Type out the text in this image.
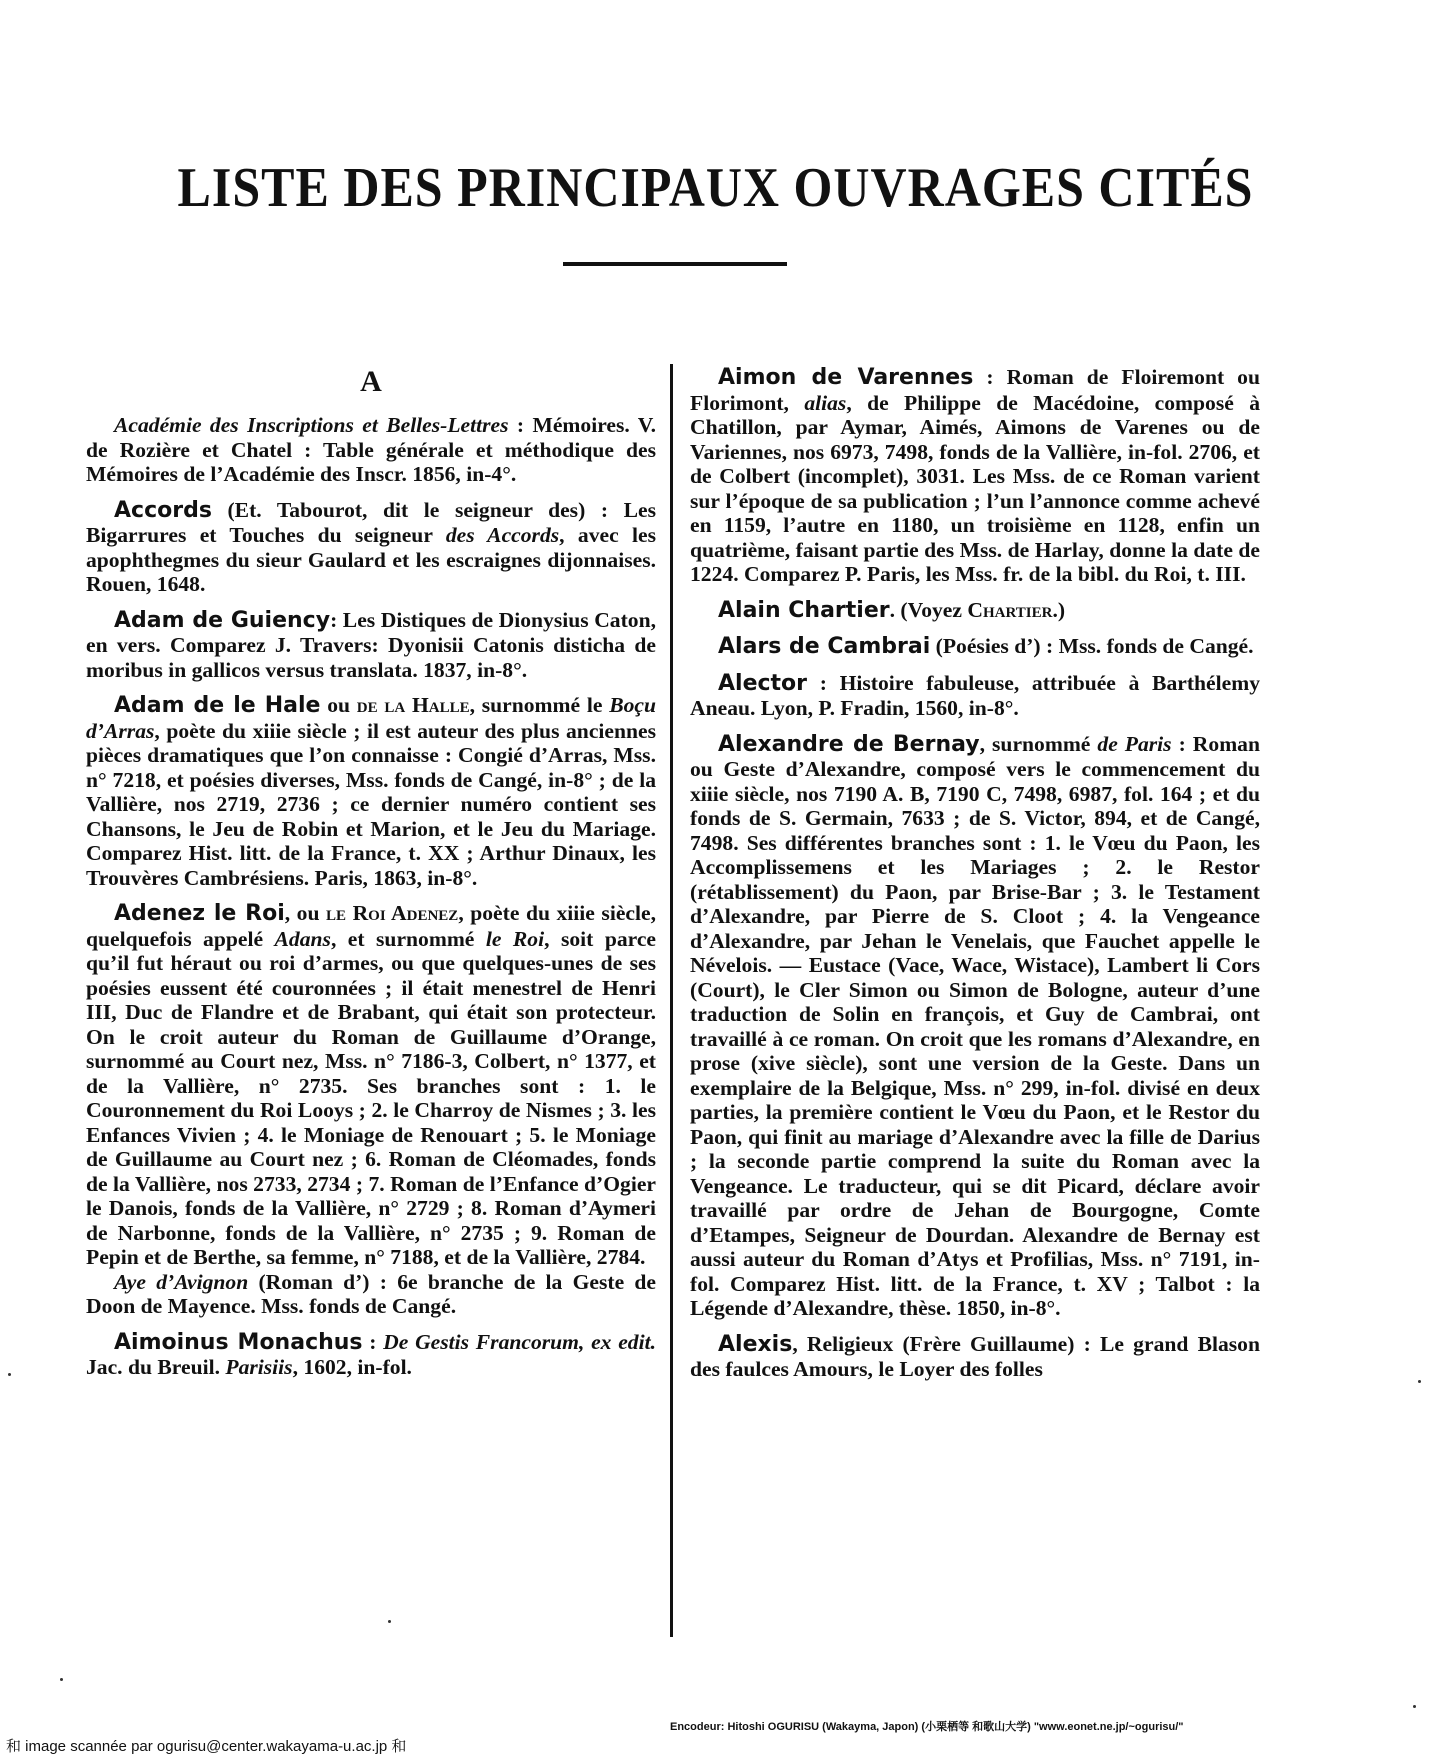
LISTE DES PRINCIPAUX OUVRAGES CITÉS
A
Académie des Inscriptions et Belles-Lettres : Mémoires. V. de Rozière et Chatel : Table générale et méthodique des Mémoires de l’Académie des Inscr. 1856, in-4°.
Accords (Et. Tabourot, dit le seigneur des) : Les Bigarrures et Touches du seigneur des Accords, avec les apophthegmes du sieur Gaulard et les escraignes dijonnaises. Rouen, 1648.
Adam de Guiency: Les Distiques de Dionysius Caton, en vers. Comparez J. Travers: Dyonisii Catonis disticha de moribus in gallicos versus translata. 1837, in-8°.
Adam de le Hale ou de la Halle, surnommé le Boçu d’Arras, poète du xiiie siècle ; il est auteur des plus anciennes pièces dramatiques que l’on connaisse : Congié d’Arras, Mss. n° 7218, et poésies diverses, Mss. fonds de Cangé, in-8° ; de la Vallière, nos 2719, 2736 ; ce dernier numéro contient ses Chansons, le Jeu de Robin et Marion, et le Jeu du Mariage. Comparez Hist. litt. de la France, t. XX ; Arthur Dinaux, les Trouvères Cambrésiens. Paris, 1863, in-8°.

Adenez le Roi, ou le Roi Adenez, poète du xiiie siècle, quelquefois appelé Adans, et surnommé le Roi, soit parce qu’il fut héraut ou roi d’armes, ou que quelques-unes de ses poésies eussent été couronnées ; il était menestrel de Henri III, Duc de Flandre et de Brabant, qui était son protecteur. On le croit auteur du Roman de Guillaume d’Orange, surnommé au Court nez, Mss. n° 7186-3, Colbert, n° 1377, et de la Vallière, n° 2735. Ses branches sont : 1. le Couronnement du Roi Looys ; 2. le Charroy de Nismes ; 3. les Enfances Vivien ; 4. le Moniage de Renouart ; 5. le Moniage de Guillaume au Court nez ; 6. Roman de Cléomades, fonds de la Vallière, nos 2733, 2734 ; 7. Roman de l’Enfance d’Ogier le Danois, fonds de la Vallière, n° 2729 ; 8. Roman d’Aymeri de Narbonne, fonds de la Vallière, n° 2735 ; 9. Roman de Pepin et de Berthe, sa femme, n° 7188, et de la Vallière, 2784.

Aye d’Avignon (Roman d’) : 6e branche de la Geste de Doon de Mayence. Mss. fonds de Cangé.

Aimoinus Monachus : De Gestis Francorum, ex edit. Jac. du Breuil. Parisiis, 1602, in-fol.
Aimon de Varennes : Roman de Floiremont ou Florimont, alias, de Philippe de Macédoine, composé à Chatillon, par Aymar, Aimés, Aimons de Varenes ou de Variennes, nos 6973, 7498, fonds de la Vallière, in-fol. 2706, et de Colbert (incomplet), 3031. Les Mss. de ce Roman varient sur l’époque de sa publication ; l’un l’annonce comme achevé en 1159, l’autre en 1180, un troisième en 1128, enfin un quatrième, faisant partie des Mss. de Harlay, donne la date de 1224. Comparez P. Paris, les Mss. fr. de la bibl. du Roi, t. III.
Alain Chartier. (Voyez Chartier.)
Alars de Cambrai (Poésies d’) : Mss. fonds de Cangé.
Alector : Histoire fabuleuse, attribuée à Barthélemy Aneau. Lyon, P. Fradin, 1560, in-8°.
Alexandre de Bernay, surnommé de Paris : Roman ou Geste d’Alexandre, composé vers le commencement du xiiie siècle, nos 7190 A. B, 7190 C, 7498, 6987, fol. 164 ; et du fonds de S. Germain, 7633 ; de S. Victor, 894, et de Cangé, 7498. Ses différentes branches sont : 1. le Vœu du Paon, les Accomplissemens et les Mariages ; 2. le Restor (rétablissement) du Paon, par Brise-Bar ; 3. le Testament d’Alexandre, par Pierre de S. Cloot ; 4. la Vengeance d’Alexandre, par Jehan le Venelais, que Fauchet appelle le Névelois. — Eustace (Vace, Wace, Wistace), Lambert li Cors (Court), le Cler Simon ou Simon de Bologne, auteur d’une traduction de Solin en françois, et Guy de Cambrai, ont travaillé à ce roman. On croit que les romans d’Alexandre, en prose (xive siècle), sont une version de la Geste. Dans un exemplaire de la Belgique, Mss. n° 299, in-fol. divisé en deux parties, la première contient le Vœu du Paon, et le Restor du Paon, qui finit au mariage d’Alexandre avec la fille de Darius ; la seconde partie comprend la suite du Roman avec la Vengeance. Le traducteur, qui se dit Picard, déclare avoir travaillé par ordre de Jehan de Bourgogne, Comte d’Etampes, Seigneur de Dourdan. Alexandre de Bernay est aussi auteur du Roman d’Atys et Profilias, Mss. n° 7191, in-fol. Comparez Hist. litt. de la France, t. XV ; Talbot : la Légende d’Alexandre, thèse. 1850, in-8°.
Alexis, Religieux (Frère Guillaume) : Le grand Blason des faulces Amours, le Loyer des folles
Encodeur: Hitoshi OGURISU (Wakayma, Japon) (小栗栖等 和歌山大学) "www.eonet.ne.jp/~ogurisu/"
和 image scannée par ogurisu@center.wakayama-u.ac.jp 和
